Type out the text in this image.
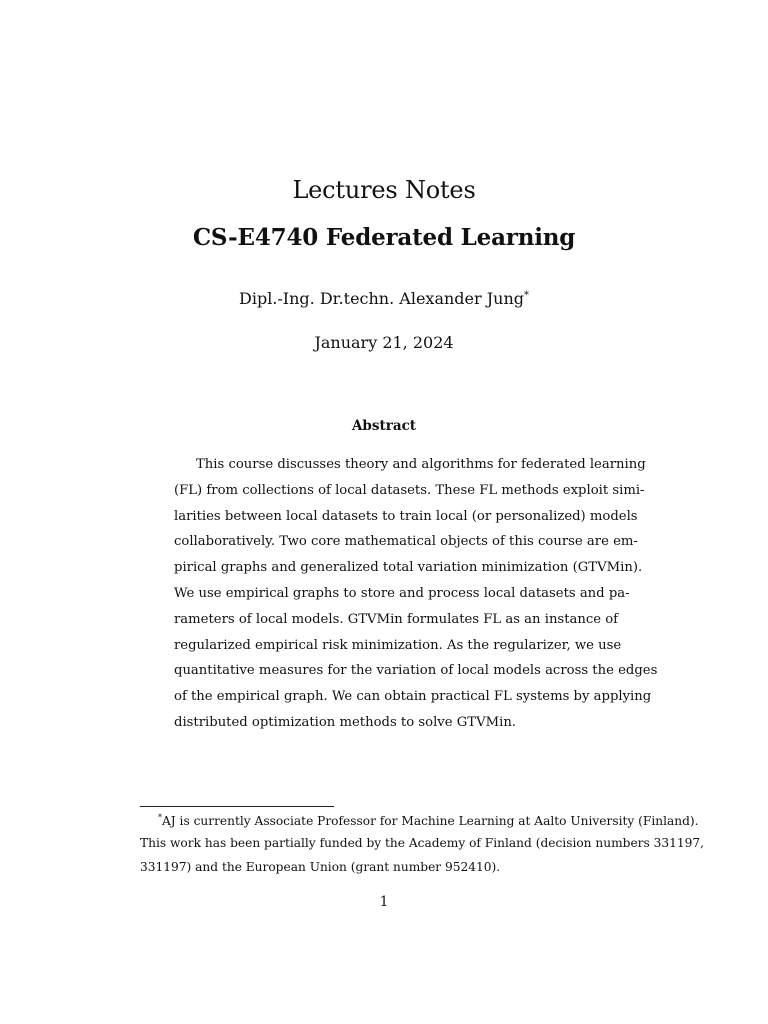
Lectures Notes
CS-E4740 Federated Learning
Dipl.-Ing. Dr.techn. Alexander Jung*
January 21, 2024
Abstract
This course discusses theory and algorithms for federated learning
(FL) from collections of local datasets. These FL methods exploit simi-
larities between local datasets to train local (or personalized) models
collaboratively. Two core mathematical objects of this course are em-
pirical graphs and generalized total variation minimization (GTVMin).
We use empirical graphs to store and process local datasets and pa-
rameters of local models. GTVMin formulates FL as an instance of
regularized empirical risk minimization. As the regularizer, we use
quantitative measures for the variation of local models across the edges
of the empirical graph. We can obtain practical FL systems by applying
distributed optimization methods to solve GTVMin.
*AJ is currently Associate Professor for Machine Learning at Aalto University (Finland).
This work has been partially funded by the Academy of Finland (decision numbers 331197,
331197) and the European Union (grant number 952410).
1
